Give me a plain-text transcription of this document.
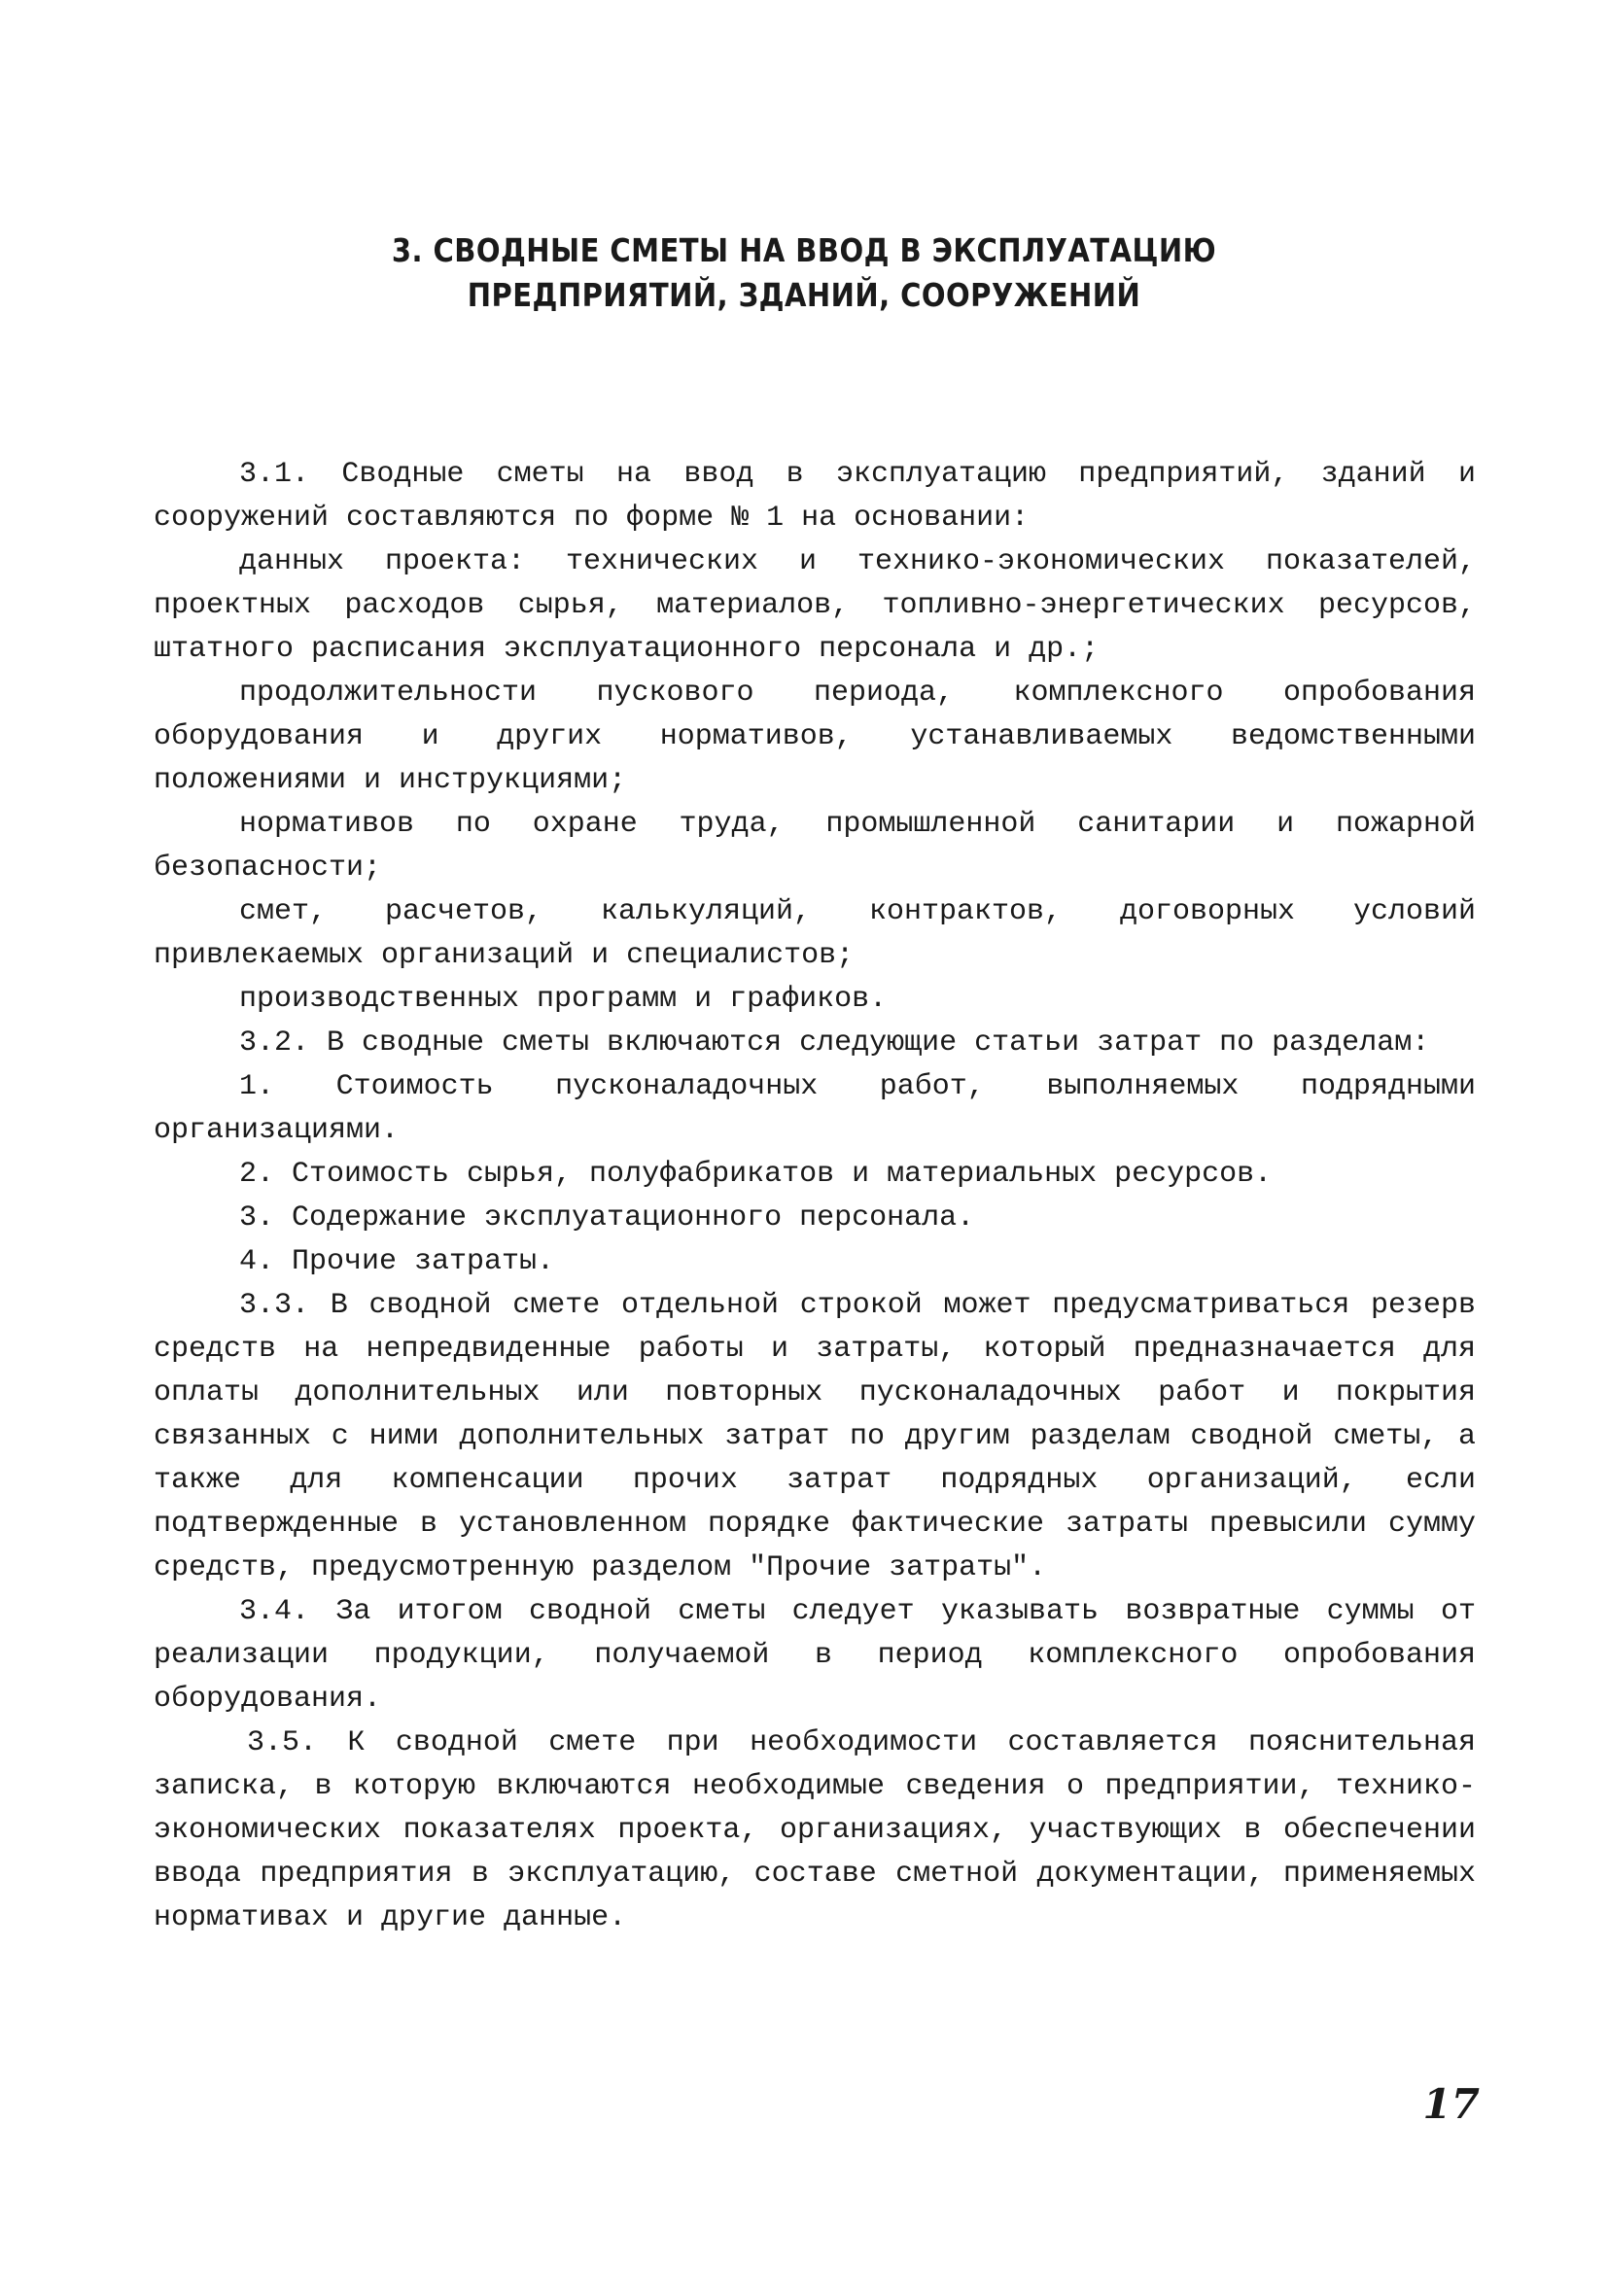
3. СВОДНЫЕ СМЕТЫ НА ВВОД В ЭКСПЛУАТАЦИЮ
ПРЕДПРИЯТИЙ, ЗДАНИЙ, СООРУЖЕНИЙ
3.1. Сводные сметы на ввод в эксплуатацию предприятий, зданий и сооружений составляются по форме № 1 на основании:
данных проекта: технических и технико-экономических показателей, проектных расходов сырья, материалов, топливно-энергетических ресурсов, штатного расписания эксплуатационного персонала и др.;
продолжительности пускового периода, комплексного опробования оборудования и других нормативов, устанавливаемых ведомственными положениями и инструкциями;
нормативов по охране труда, промышленной санитарии и пожарной безопасности;
смет, расчетов, калькуляций, контрактов, договорных условий привлекаемых организаций и специалистов;
производственных программ и графиков.
3.2. В сводные сметы включаются следующие статьи затрат по разделам:
1. Стоимость пусконаладочных работ, выполняемых подрядными организациями.
2. Стоимость сырья, полуфабрикатов и материальных ресурсов.
3. Содержание эксплуатационного персонала.
4. Прочие затраты.
3.3. В сводной смете отдельной строкой может предусматриваться резерв средств на непредвиденные работы и затраты, который предназначается для оплаты дополнительных или повторных пусконаладочных работ и покрытия связанных с ними дополнительных затрат по другим разделам сводной сметы, а также для компенсации прочих затрат подрядных организаций, если подтвержденные в установленном порядке фактические затраты превысили сумму средств, предусмотренную разделом "Прочие затраты".
3.4. За итогом сводной сметы следует указывать возвратные суммы от реализации продукции, получаемой в период комплексного опробования оборудования.
3.5. К сводной смете при необходимости составляется пояснительная записка, в которую включаются необходимые сведения о предприятии, технико-экономических показателях проекта, организациях, участвующих в обеспечении ввода предприятия в эксплуатацию, составе сметной документации, применяемых нормативах и другие данные.
17
